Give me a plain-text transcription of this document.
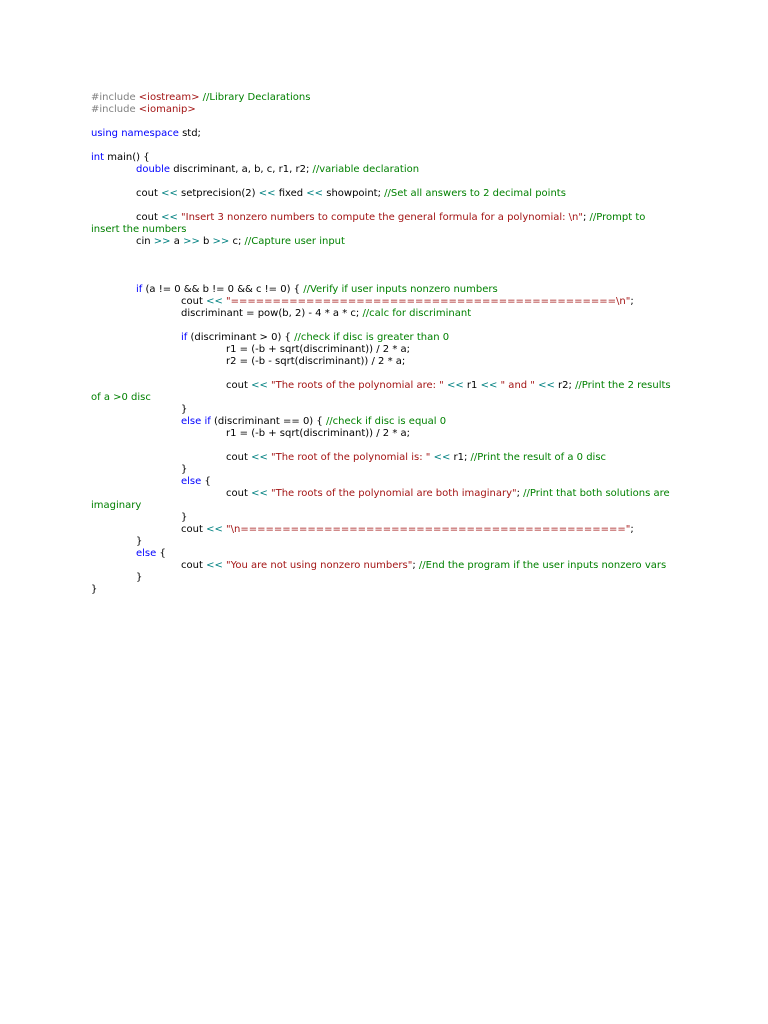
#include <iostream> //Library Declarations
#include <iomanip>
using namespace std;
int main() {
double discriminant, a, b, c, r1, r2; //variable declaration
cout << setprecision(2) << fixed << showpoint; //Set all answers to 2 decimal points
cout << "Insert 3 nonzero numbers to compute the general formula for a polynomial: \n"; //Prompt to
insert the numbers
cin >> a >> b >> c; //Capture user input
if (a != 0 && b != 0 && c != 0) { //Verify if user inputs nonzero numbers
cout << "==============================================\n";
discriminant = pow(b, 2) - 4 * a * c; //calc for discriminant
if (discriminant > 0) { //check if disc is greater than 0
r1 = (-b + sqrt(discriminant)) / 2 * a;
r2 = (-b - sqrt(discriminant)) / 2 * a;
cout << "The roots of the polynomial are: " << r1 << " and " << r2; //Print the 2 results
of a >0 disc
}
else if (discriminant == 0) { //check if disc is equal 0
r1 = (-b + sqrt(discriminant)) / 2 * a;
cout << "The root of the polynomial is: " << r1; //Print the result of a 0 disc
}
else {
cout << "The roots of the polynomial are both imaginary"; //Print that both solutions are
imaginary
}
cout << "\n==============================================";
}
else {
cout << "You are not using nonzero numbers"; //End the program if the user inputs nonzero vars
}
}
